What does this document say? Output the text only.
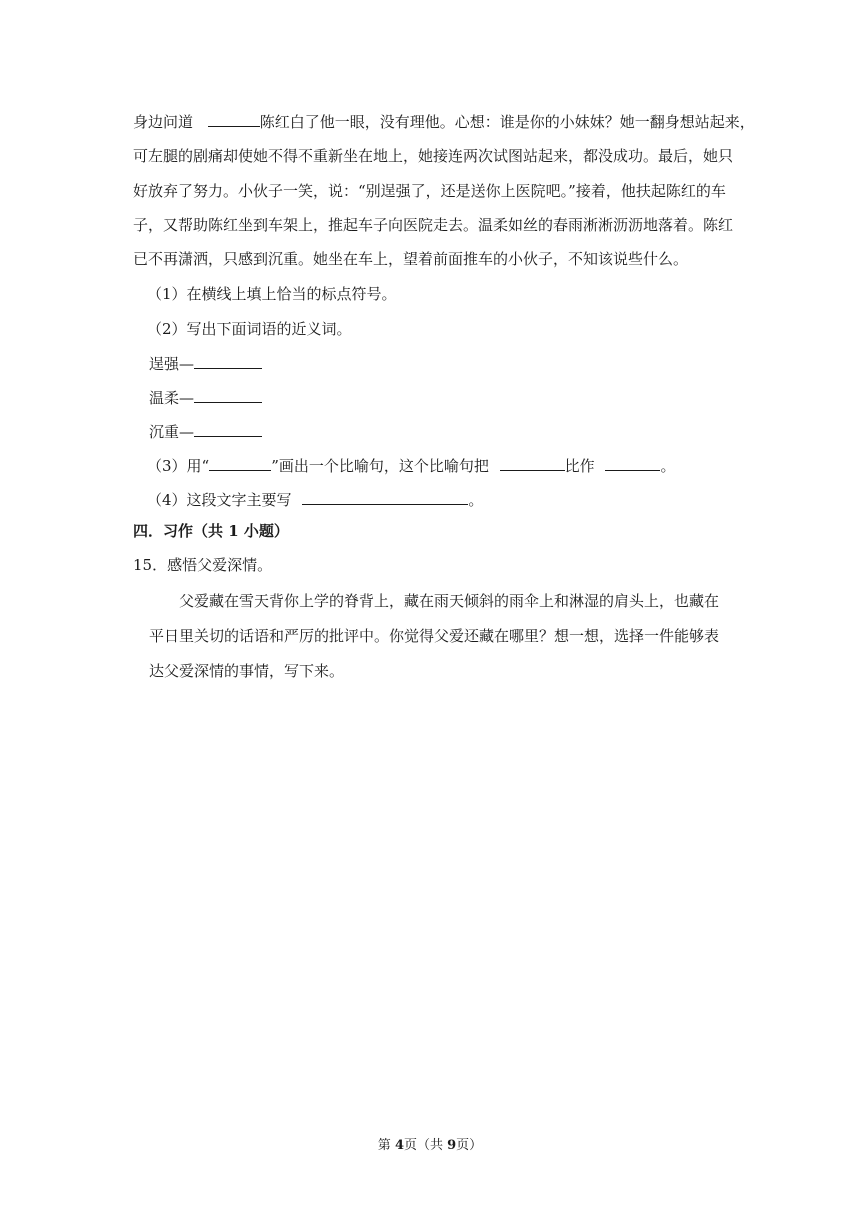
身边问道	陈红白了他一眼，没有理他。心想：谁是你的小妹妹？她一翻身想站起来，
可左腿的剧痛却使她不得不重新坐在地上，她接连两次试图站起来，都没成功。最后，她只
好放弃了努力。小伙子一笑，说：“别逞强了，还是送你上医院吧。”接着，他扶起陈红的车
子，又帮助陈红坐到车架上，推起车子向医院走去。温柔如丝的春雨淅淅沥沥地落着。陈红
已不再潇洒，只感到沉重。她坐在车上，望着前面推车的小伙子，不知该说些什么。
（1）在横线上填上恰当的标点符号。
（2）写出下面词语的近义词。
逞强—
温柔—
沉重—
（3）用“	”画出一个比喻句，这个比喻句把	比作	。
（4）这段文字主要写	。
四．习作（共 1 小题）
15．感悟父爱深情。
父爱藏在雪天背你上学的脊背上，藏在雨天倾斜的雨伞上和淋湿的肩头上，也藏在
平日里关切的话语和严厉的批评中。你觉得父爱还藏在哪里？想一想，选择一件能够表
达父爱深情的事情，写下来。
第 4页（共 9页）
